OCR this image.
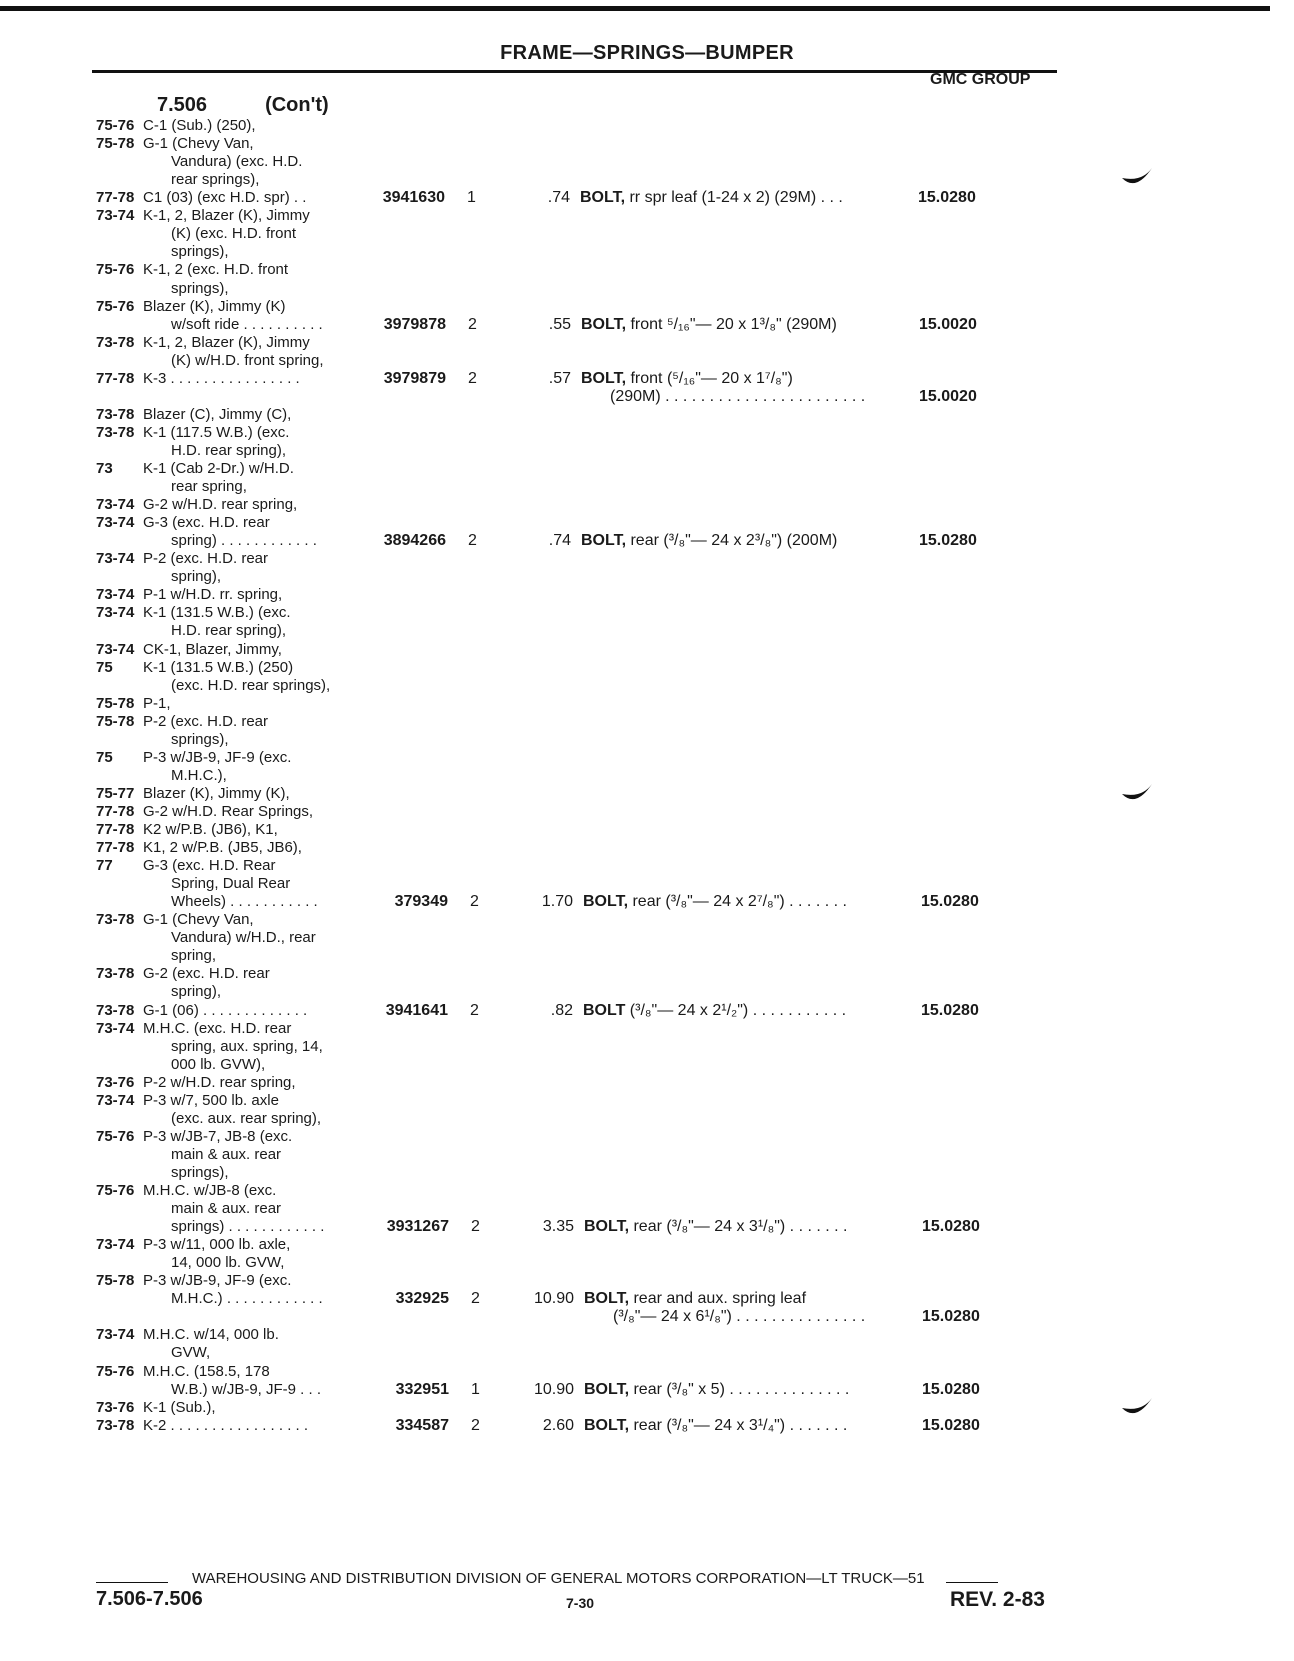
FRAME—SPRINGS—BUMPER
GMC GROUP
7.506	(Con't)
75-76 C-1 (Sub.) (250),
75-78 G-1 (Chevy Van,
Vandura) (exc. H.D.
rear springs),
77-78 C1 (03) (exc H.D. spr) . .	3941630 1	.74 BOLT, rr spr leaf (1-24 x 2) (29M) . . .	15.0280
73-74 K-1, 2, Blazer (K), Jimmy
(K) (exc. H.D. front
springs),
75-76 K-1, 2 (exc. H.D. front
springs),
75-76 Blazer (K), Jimmy (K)
w/soft ride . . . . . . . . . .	3979878 2	.55 BOLT, front ⁵/₁₆"— 20 x 1³/₈" (290M)	15.0020
73-78 K-1, 2, Blazer (K), Jimmy
(K) w/H.D. front spring,
77-78 K-3 . . . . . . . . . . . . . . . .	3979879 2	.57 BOLT, front (⁵/₁₆"— 20 x 1⁷/₈")
(290M) . . . . . . . . . . . . . . . . . . . . . . .	15.0020
73-78 Blazer (C), Jimmy (C),
73-78 K-1 (117.5 W.B.) (exc.
H.D. rear spring),
73 K-1 (Cab 2-Dr.) w/H.D.
rear spring,
73-74 G-2 w/H.D. rear spring,
73-74 G-3 (exc. H.D. rear
spring) . . . . . . . . . . . .	3894266 2	.74 BOLT, rear (³/₈"— 24 x 2³/₈") (200M)	15.0280
73-74 P-2 (exc. H.D. rear
spring),
73-74 P-1 w/H.D. rr. spring,
73-74 K-1 (131.5 W.B.) (exc.
H.D. rear spring),
73-74 CK-1, Blazer, Jimmy,
75 K-1 (131.5 W.B.) (250)
(exc. H.D. rear springs),
75-78 P-1,
75-78 P-2 (exc. H.D. rear
springs),
75 P-3 w/JB-9, JF-9 (exc.
M.H.C.),
75-77 Blazer (K), Jimmy (K),
77-78 G-2 w/H.D. Rear Springs,
77-78 K2 w/P.B. (JB6), K1,
77-78 K1, 2 w/P.B. (JB5, JB6),
77 G-3 (exc. H.D. Rear
Spring, Dual Rear
Wheels) . . . . . . . . . . .	379349 2	1.70 BOLT, rear (³/₈"— 24 x 2⁷/₈") . . . . . . .	15.0280
73-78 G-1 (Chevy Van,
Vandura) w/H.D., rear
spring,
73-78 G-2 (exc. H.D. rear
spring),
73-78 G-1 (06) . . . . . . . . . . . . .	3941641 2	.82 BOLT (³/₈"— 24 x 2¹/₂") . . . . . . . . . . .	15.0280
73-74 M.H.C. (exc. H.D. rear
spring, aux. spring, 14,
000 lb. GVW),
73-76 P-2 w/H.D. rear spring,
73-74 P-3 w/7, 500 lb. axle
(exc. aux. rear spring),
75-76 P-3 w/JB-7, JB-8 (exc.
main & aux. rear
springs),
75-76 M.H.C. w/JB-8 (exc.
main & aux. rear
springs) . . . . . . . . . . . .	3931267 2	3.35 BOLT, rear (³/₈"— 24 x 3¹/₈") . . . . . . .	15.0280
73-74 P-3 w/11, 000 lb. axle,
14, 000 lb. GVW,
75-78 P-3 w/JB-9, JF-9 (exc.
M.H.C.) . . . . . . . . . . . .	332925 2	10.90 BOLT, rear and aux. spring leaf
(³/₈"— 24 x 6¹/₈") . . . . . . . . . . . . . . .	15.0280
73-74 M.H.C. w/14, 000 lb.
GVW,
75-76 M.H.C. (158.5, 178
W.B.) w/JB-9, JF-9 . . .	332951 1	10.90 BOLT, rear (³/₈" x 5) . . . . . . . . . . . . . .	15.0280
73-76 K-1 (Sub.),
73-78 K-2 . . . . . . . . . . . . . . . . .	334587 2	2.60 BOLT, rear (³/₈"— 24 x 3¹/₄") . . . . . . .	15.0280
WAREHOUSING AND DISTRIBUTION DIVISION OF GENERAL MOTORS CORPORATION—LT TRUCK—51
7.506-7.506	7-30	REV. 2-83
